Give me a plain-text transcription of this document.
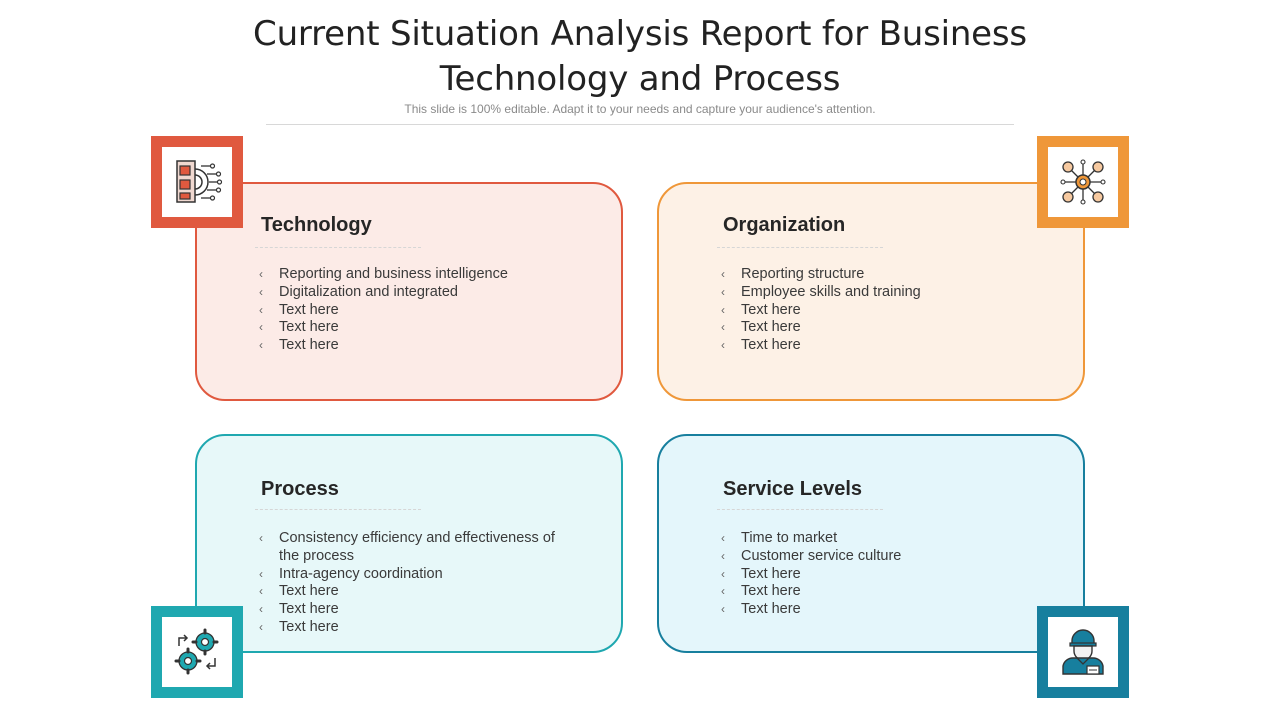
Current Situation Analysis Report for Business
Technology and Process
This slide is 100% editable. Adapt it to your needs and capture your audience's attention.
Technology
‹ Reporting and business intelligence
‹ Digitalization and integrated
‹ Text here
‹ Text here
‹ Text here
Organization
‹ Reporting structure
‹ Employee skills and training
‹ Text here
‹ Text here
‹ Text here
Process
‹ Consistency efficiency and effectiveness of the process
‹ Intra-agency coordination
‹ Text here
‹ Text here
‹ Text here
Service Levels
‹ Time to market
‹ Customer service culture
‹ Text here
‹ Text here
‹ Text here
